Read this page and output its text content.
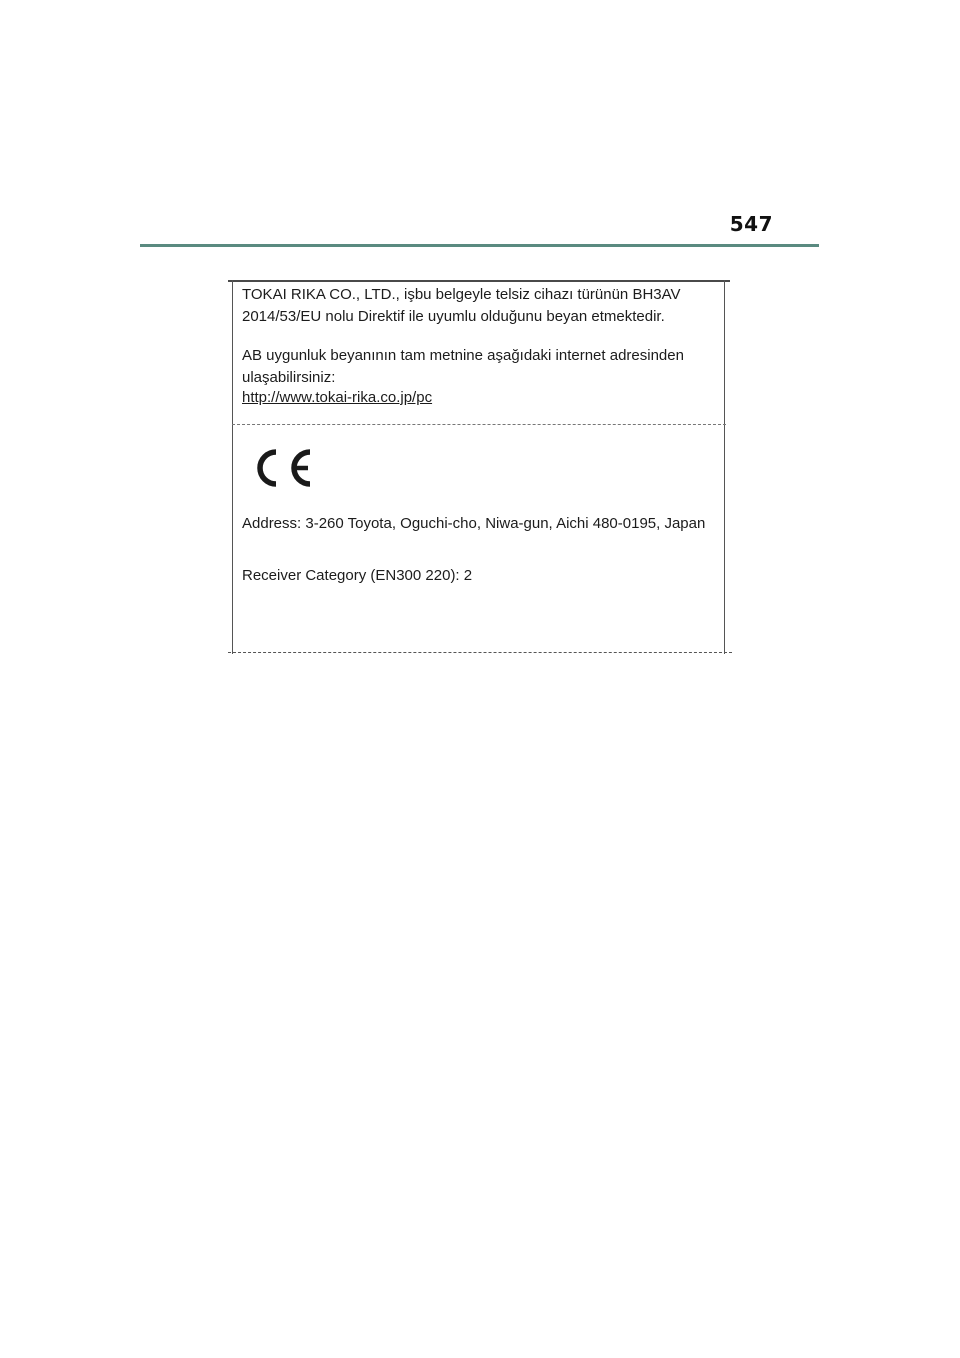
547
TOKAI RIKA CO., LTD., işbu belgeyle telsiz cihazı türünün BH3AV
2014/53/EU nolu Direktif ile uyumlu olduğunu beyan etmektedir.
AB uygunluk beyanının tam metnine aşağıdaki internet adresinden
ulaşabilirsiniz:
http://www.tokai-rika.co.jp/pc
Address: 3-260 Toyota, Oguchi-cho, Niwa-gun, Aichi 480-0195, Japan
Receiver Category (EN300 220): 2
